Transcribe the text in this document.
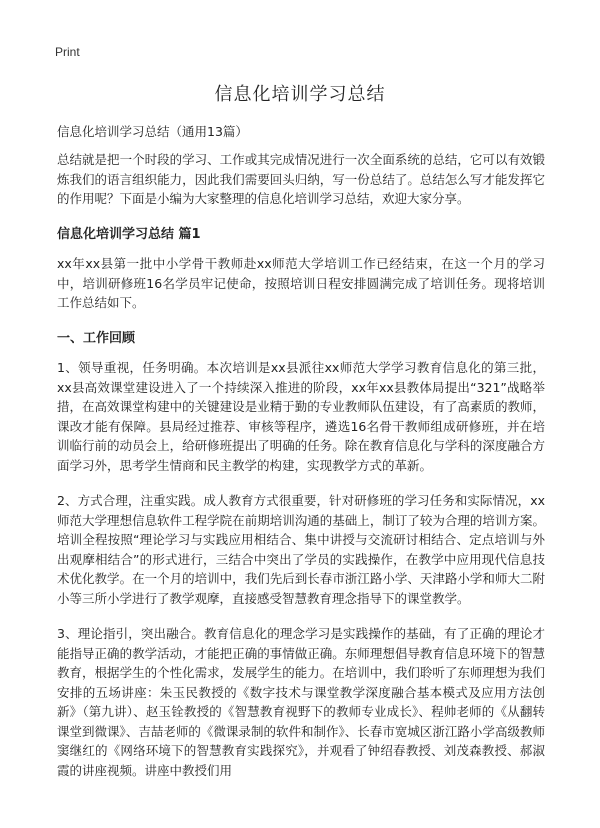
Print
信息化培训学习总结
信息化培训学习总结（通用13篇）

总结就是把一个时段的学习、工作或其完成情况进行一次全面系统的总结，它可以有效锻炼我们的语言组织能力，因此我们需要回头归纳，写一份总结了。总结怎么写才能发挥它的作用呢？下面是小编为大家整理的信息化培训学习总结，欢迎大家分享。

信息化培训学习总结 篇1

xx年xx县第一批中小学骨干教师赴xx师范大学培训工作已经结束，在这一个月的学习中，培训研修班16名学员牢记使命，按照培训日程安排圆满完成了培训任务。现将培训工作总结如下。

一、工作回顾

1、领导重视，任务明确。本次培训是xx县派往xx师范大学学习教育信息化的第三批，xx县高效课堂建设进入了一个持续深入推进的阶段，xx年xx县教体局提出“321”战略举措，在高效课堂构建中的关键建设是业精于勤的专业教师队伍建设，有了高素质的教师，课改才能有保障。县局经过推荐、审核等程序，遴选16名骨干教师组成研修班，并在培训临行前的动员会上，给研修班提出了明确的任务。除在教育信息化与学科的深度融合方面学习外，思考学生情商和民主教学的构建，实现教学方式的革新。

2、方式合理，注重实践。成人教育方式很重要，针对研修班的学习任务和实际情况，xx师范大学理想信息软件工程学院在前期培训沟通的基础上，制订了较为合理的培训方案。培训全程按照“理论学习与实践应用相结合、集中讲授与交流研讨相结合、定点培训与外出观摩相结合”的形式进行，三结合中突出了学员的实践操作，在教学中应用现代信息技术优化教学。在一个月的培训中，我们先后到长春市浙江路小学、天津路小学和师大二附小等三所小学进行了教学观摩，直接感受智慧教育理念指导下的课堂教学。

3、理论指引，突出融合。教育信息化的理念学习是实践操作的基础，有了正确的理论才能指导正确的教学活动，才能把正确的事情做正确。东师理想倡导教育信息环境下的智慧教育，根据学生的个性化需求，发展学生的能力。在培训中，我们聆听了东师理想为我们安排的五场讲座：朱玉民教授的《数字技术与课堂教学深度融合基本模式及应用方法创新》（第九讲）、赵玉铨教授的《智慧教育视野下的教师专业成长》、程帅老师的《从翻转课堂到微课》、吉喆老师的《微课录制的软件和制作》、长春市宽城区浙江路小学高级教师窦继红的《网络环境下的智慧教育实践探究》，并观看了钟绍春教授、刘茂森教授、郝淑霞的讲座视频。讲座中教授们用
